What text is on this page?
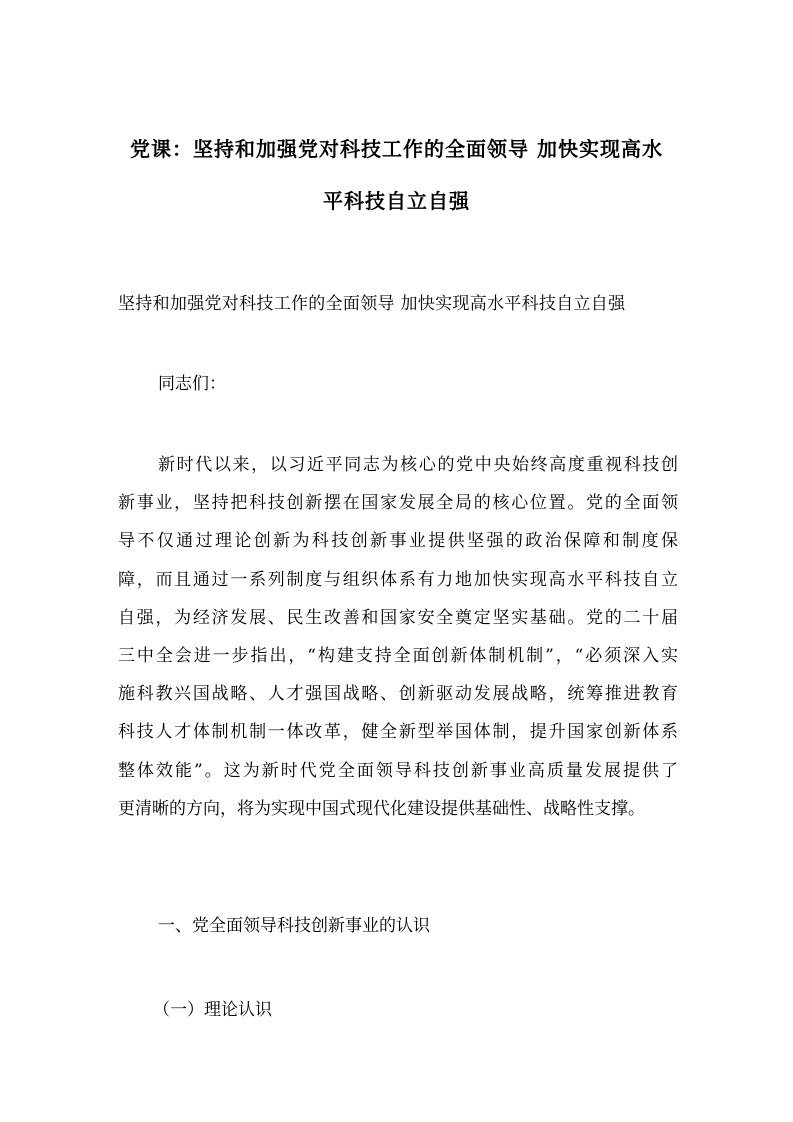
党课：坚持和加强党对科技工作的全面领导 加快实现高水
平科技自立自强
坚持和加强党对科技工作的全面领导 加快实现高水平科技自立自强
同志们：
新时代以来，以习近平同志为核心的党中央始终高度重视科技创
新事业，坚持把科技创新摆在国家发展全局的核心位置。党的全面领
导不仅通过理论创新为科技创新事业提供坚强的政治保障和制度保
障，而且通过一系列制度与组织体系有力地加快实现高水平科技自立
自强，为经济发展、民生改善和国家安全奠定坚实基础。党的二十届
三中全会进一步指出，“构建支持全面创新体制机制”，“必须深入实
施科教兴国战略、人才强国战略、创新驱动发展战略，统筹推进教育
科技人才体制机制一体改革，健全新型举国体制，提升国家创新体系
整体效能”。这为新时代党全面领导科技创新事业高质量发展提供了
更清晰的方向，将为实现中国式现代化建设提供基础性、战略性支撑。
一、党全面领导科技创新事业的认识
（一）理论认识
